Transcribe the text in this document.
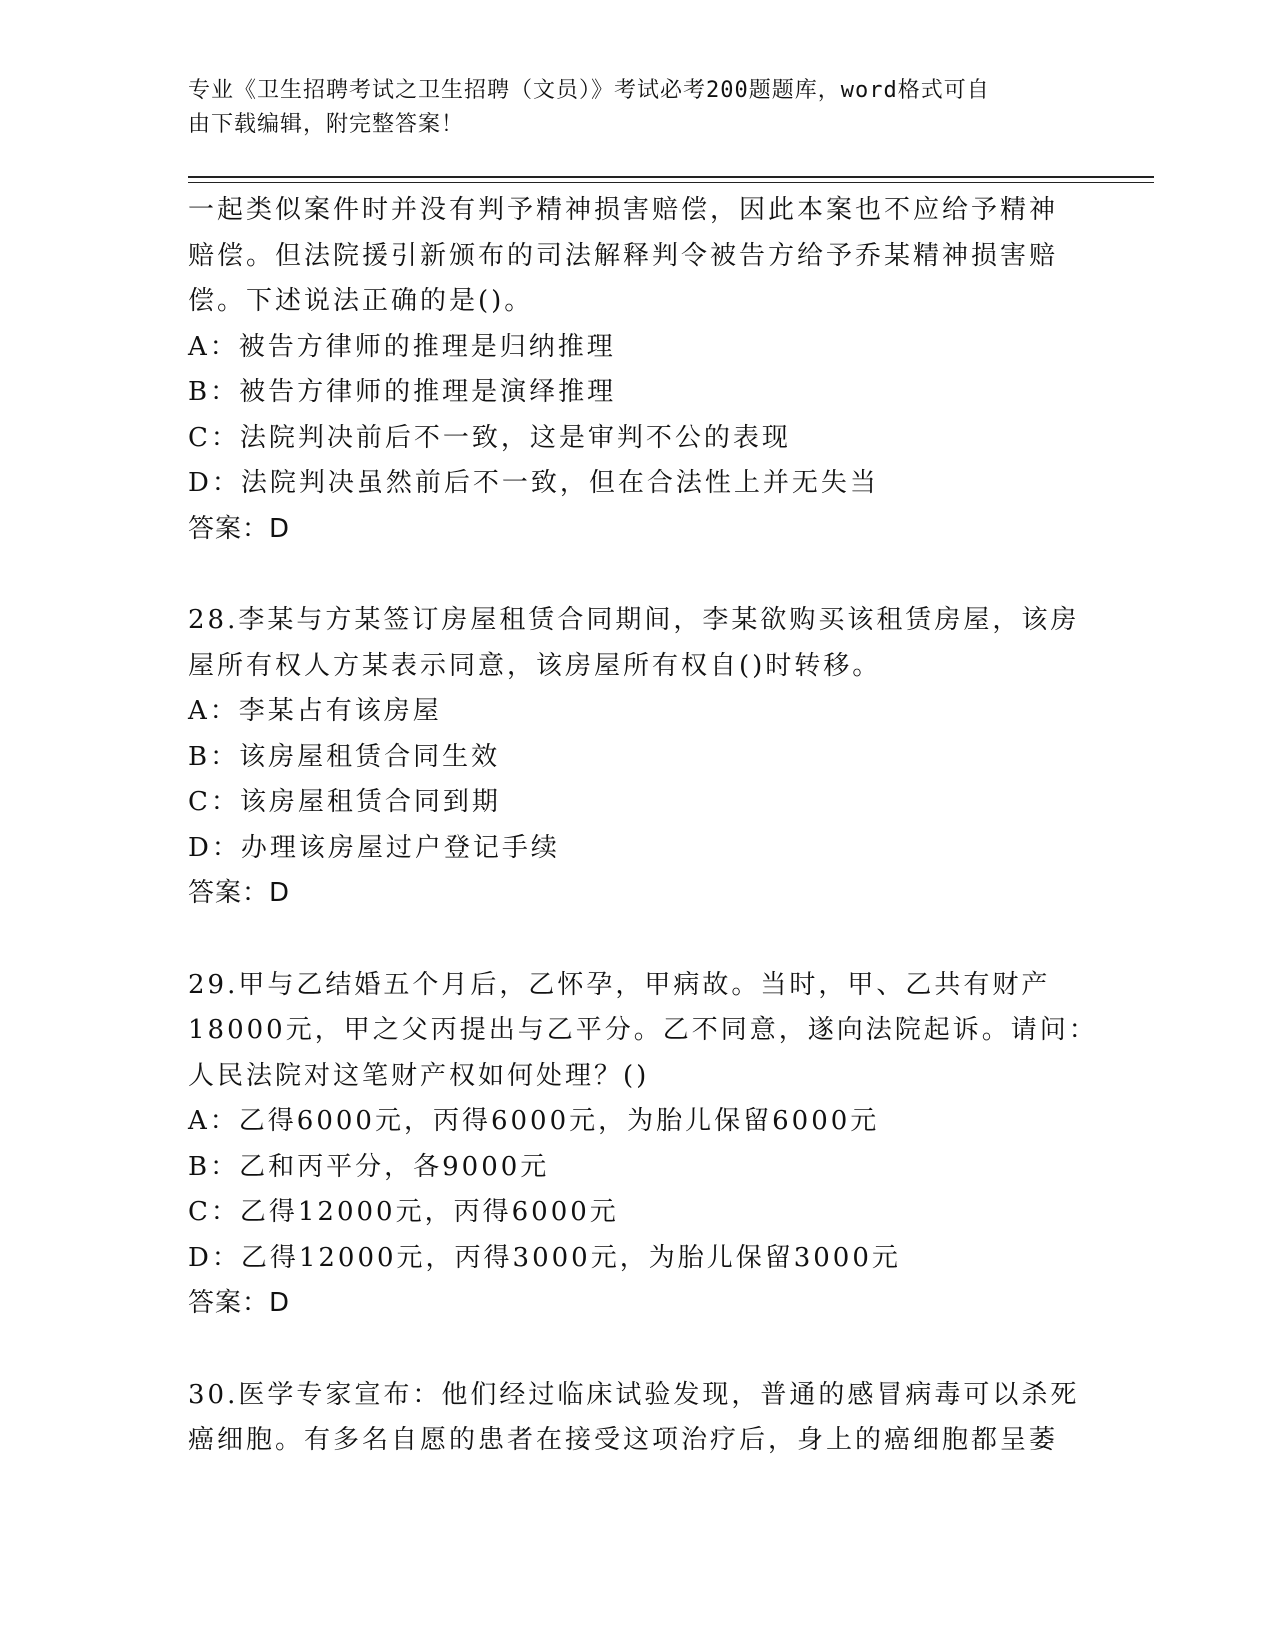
专业《卫生招聘考试之卫生招聘（文员）》考试必考200题题库，word格式可自
由下载编辑，附完整答案！
一起类似案件时并没有判予精神损害赔偿，因此本案也不应给予精神
赔偿。但法院援引新颁布的司法解释判令被告方给予乔某精神损害赔
偿。下述说法正确的是()。
A：被告方律师的推理是归纳推理
B：被告方律师的推理是演绎推理
C：法院判决前后不一致，这是审判不公的表现
D：法院判决虽然前后不一致，但在合法性上并无失当
答案：D
28.李某与方某签订房屋租赁合同期间，李某欲购买该租赁房屋，该房
屋所有权人方某表示同意，该房屋所有权自()时转移。
A：李某占有该房屋
B：该房屋租赁合同生效
C：该房屋租赁合同到期
D：办理该房屋过户登记手续
答案：D
29.甲与乙结婚五个月后，乙怀孕，甲病故。当时，甲、乙共有财产
18000元，甲之父丙提出与乙平分。乙不同意，遂向法院起诉。请问：
人民法院对这笔财产权如何处理？()
A：乙得6000元，丙得6000元，为胎儿保留6000元
B：乙和丙平分，各9000元
C：乙得12000元，丙得6000元
D：乙得12000元，丙得3000元，为胎儿保留3000元
答案：D
30.医学专家宣布：他们经过临床试验发现，普通的感冒病毒可以杀死
癌细胞。有多名自愿的患者在接受这项治疗后，身上的癌细胞都呈萎
